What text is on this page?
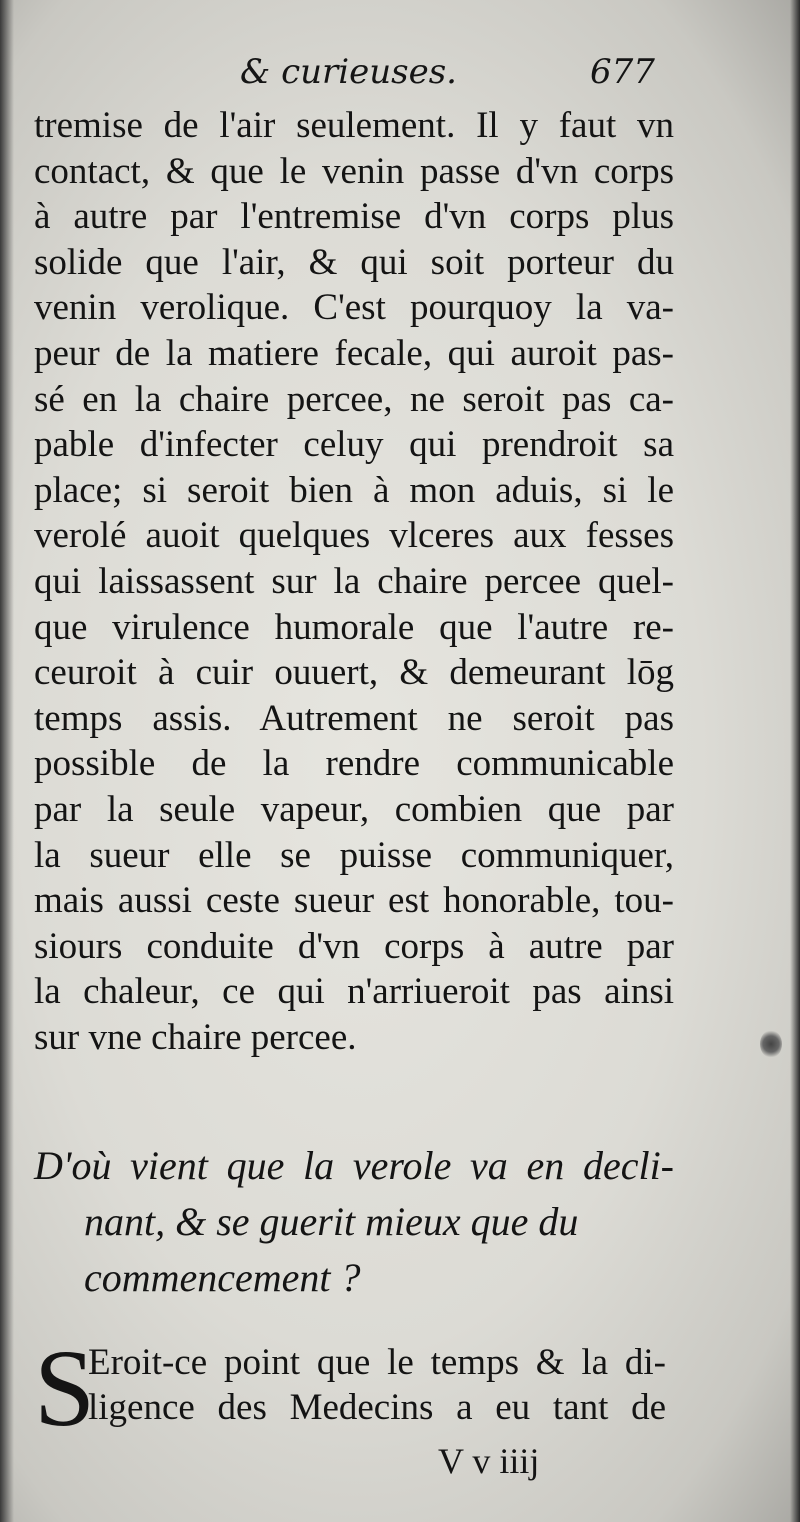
& curieuses.	677
tremise de l'air seulement. Il y faut vn
contact, & que le venin passe d'vn corps
à autre par l'entremise d'vn corps plus
solide que l'air, & qui soit porteur du
venin verolique. C'est pourquoy la va-
peur de la matiere fecale, qui auroit pas-
sé en la chaire percee, ne seroit pas ca-
pable d'infecter celuy qui prendroit sa
place; si seroit bien à mon aduis, si le
verolé auoit quelques vlceres aux fesses
qui laissassent sur la chaire percee quel-
que virulence humorale que l'autre re-
ceuroit à cuir ouuert, & demeurant lōg
temps assis. Autrement ne seroit pas
possible de la rendre communicable
par la seule vapeur, combien que par
la sueur elle se puisse communiquer,
mais aussi ceste sueur est honorable, tou-
siours conduite d'vn corps à autre par
la chaleur, ce qui n'arriueroit pas ainsi
sur vne chaire percee.
D'où vient que la verole va en decli-
nant, & se guerit mieux que du
commencement ?
S
Eroit-ce point que le temps & la di-
ligence des Medecins a eu tant de
V v iiij
